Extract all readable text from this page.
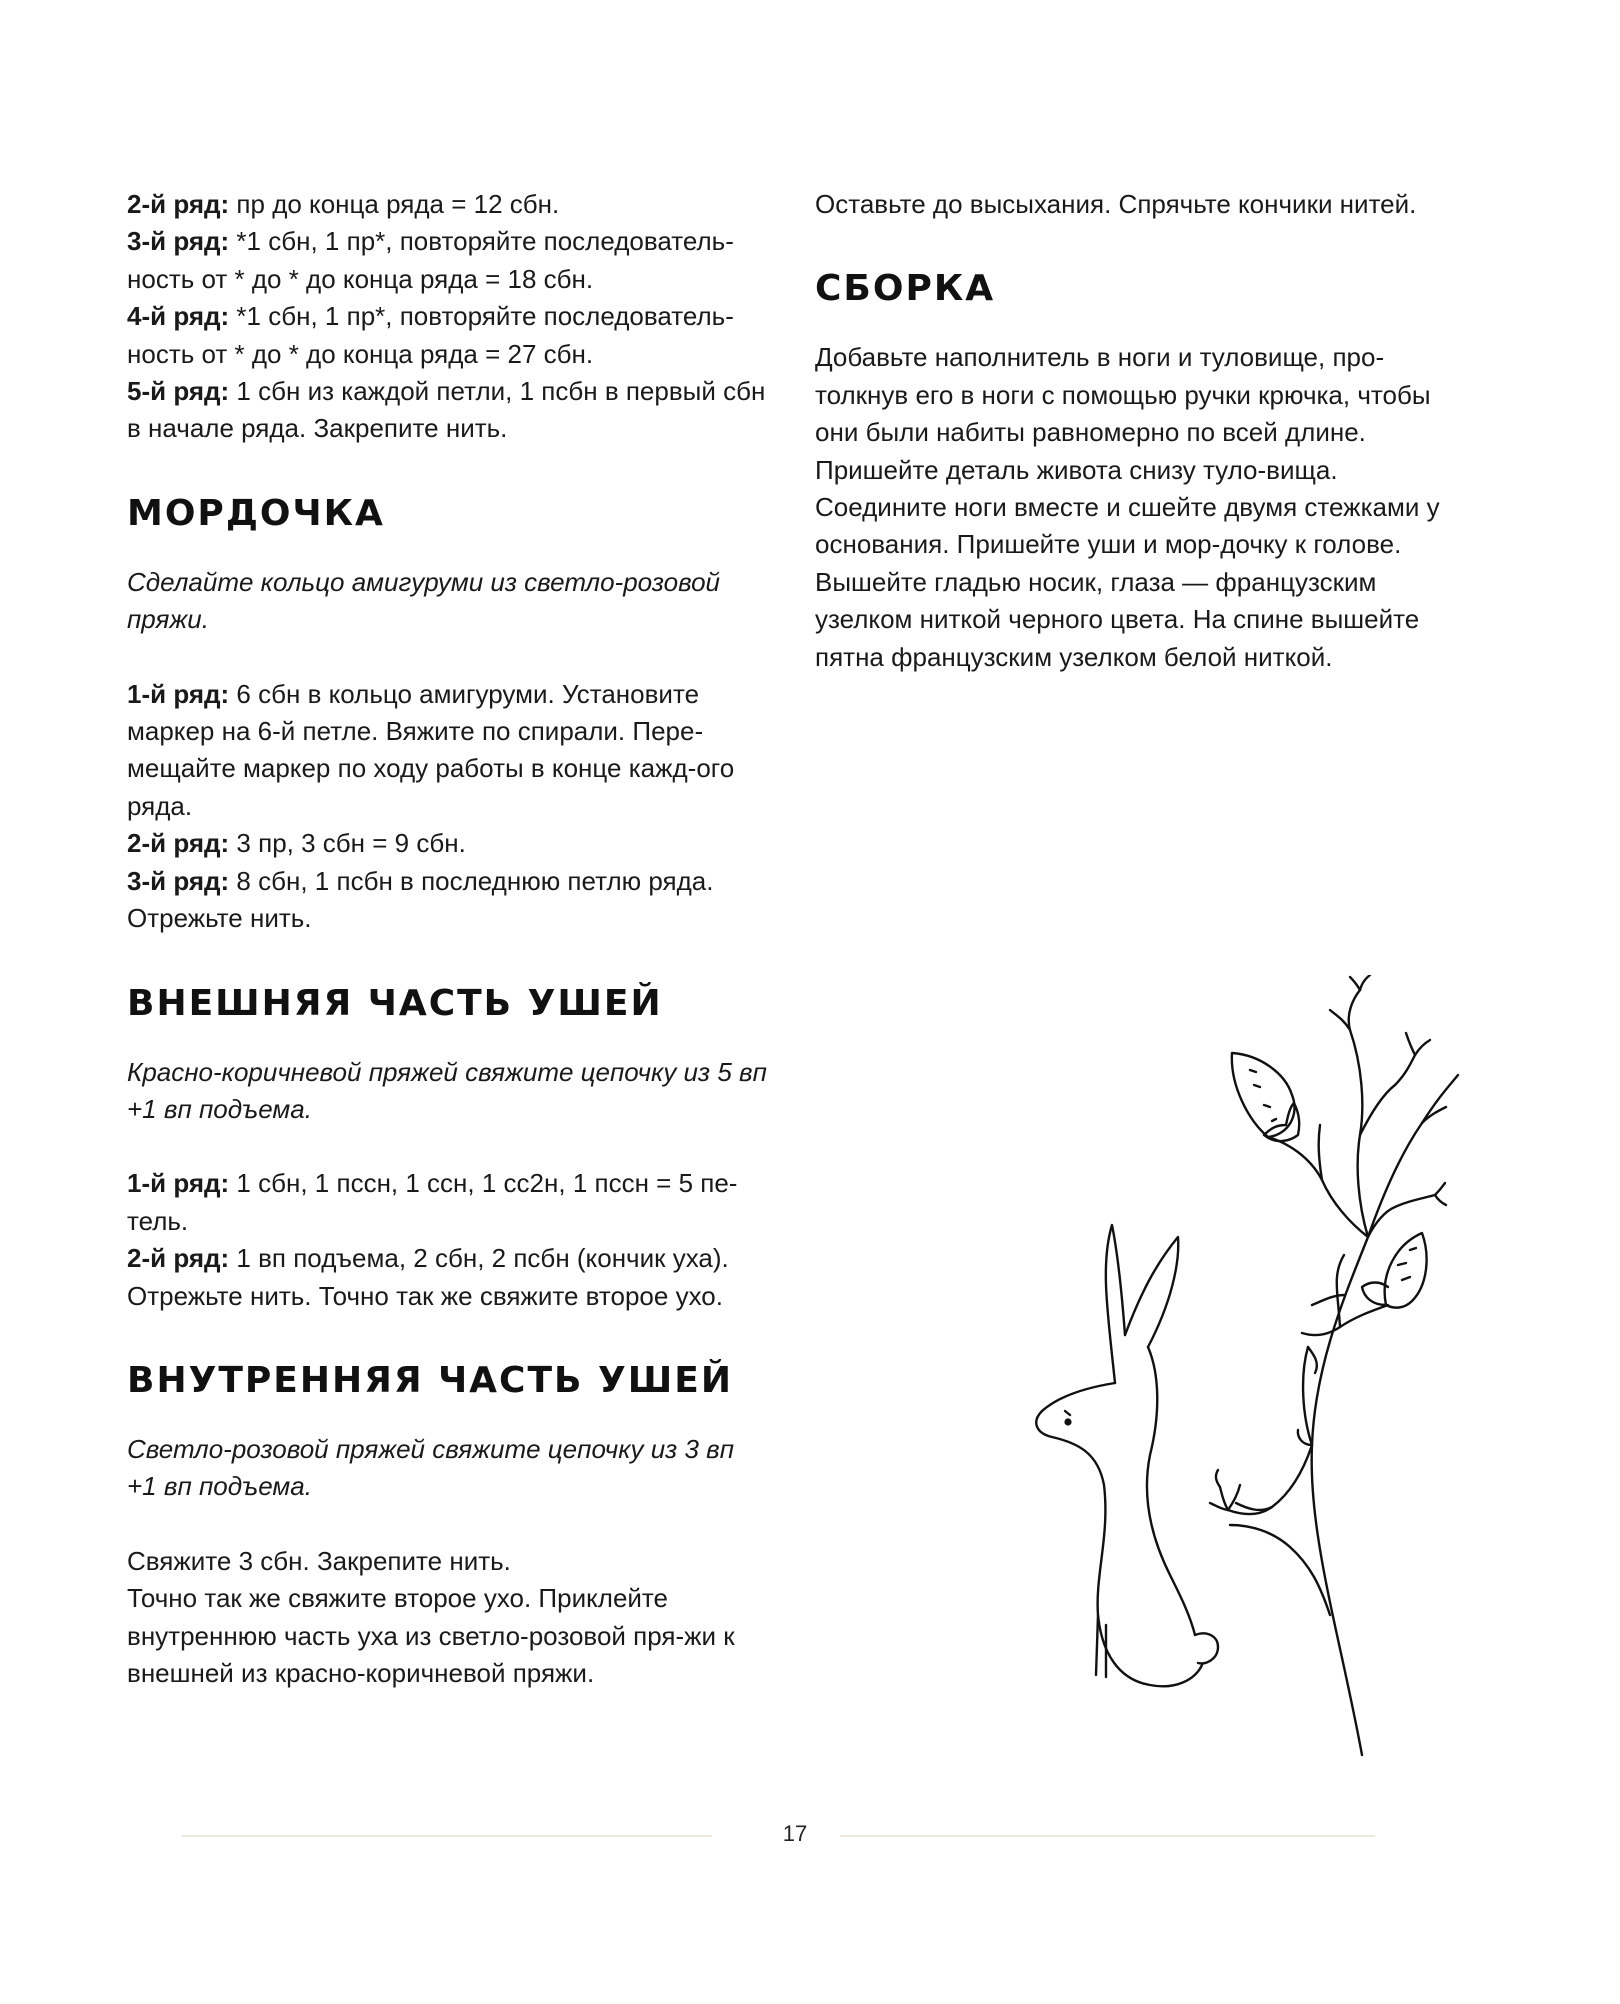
2-й ряд: пр до конца ряда = 12 сбн.

3-й ряд: *1 сбн, 1 пр*, повторяйте последователь-ность от * до * до конца ряда = 18 сбн.

4-й ряд: *1 сбн, 1 пр*, повторяйте последователь-ность от * до * до конца ряда = 27 сбн.

5-й ряд: 1 сбн из каждой петли, 1 псбн в первый сбн в начале ряда. Закрепите нить.

МОРДОЧКА

Сделайте кольцо амигуруми из светло-розовой пряжи.

1-й ряд: 6 сбн в кольцо амигуруми. Установите маркер на 6-й петле. Вяжите по спирали. Пере-мещайте маркер по ходу работы в конце кажд-ого ряда.

2-й ряд: 3 пр, 3 сбн = 9 сбн.

3-й ряд: 8 сбн, 1 псбн в последнюю петлю ряда. Отрежьте нить.

ВНЕШНЯЯ ЧАСТЬ УШЕЙ

Красно-коричневой пряжей свяжите цепочку из 5 вп +1 вп подъема.

1-й ряд: 1 сбн, 1 пссн, 1 ссн, 1 сс2н, 1 пссн = 5 пе-тель.

2-й ряд: 1 вп подъема, 2 сбн, 2 псбн (кончик уха). Отрежьте нить. Точно так же свяжите второе ухо.

ВНУТРЕННЯЯ ЧАСТЬ УШЕЙ

Светло-розовой пряжей свяжите цепочку из 3 вп +1 вп подъема.

Свяжите 3 сбн. Закрепите нить.

Точно так же свяжите второе ухо. Приклейте внутреннюю часть уха из светло-розовой пря-жи к внешней из красно-коричневой пряжи.

Оставьте до высыхания. Спрячьте кончики нитей.

СБОРКА

Добавьте наполнитель в ноги и туловище, про-толкнув его в ноги с помощью ручки крючка, чтобы они были набиты равномерно по всей длине. Пришейте деталь живота снизу туло-вища. Соедините ноги вместе и сшейте двумя стежками у основания. Пришейте уши и мор-дочку к голове. Вышейте гладью носик, глаза — французским узелком ниткой черного цвета. На спине вышейте пятна французским узелком белой ниткой.

17
